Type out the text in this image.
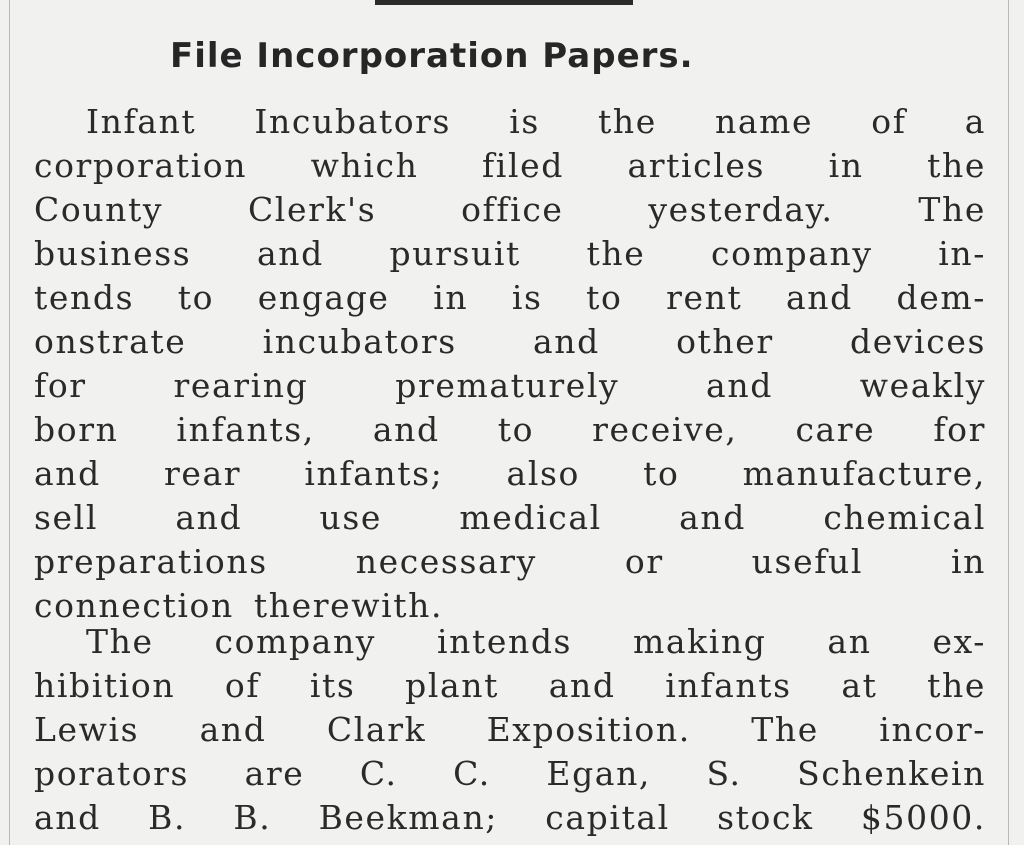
File Incorporation Papers.
Infant Incubators is the name of a
corporation which filed articles in the
County Clerk's office yesterday. The
business and pursuit the company in-
tends to engage in is to rent and dem-
onstrate incubators and other devices
for rearing prematurely and weakly
born infants, and to receive, care for
and rear infants; also to manufacture,
sell and use medical and chemical
preparations necessary or useful in
connection therewith.
The company intends making an ex-
hibition of its plant and infants at the
Lewis and Clark Exposition. The incor-
porators are C. C. Egan, S. Schenkein
and B. B. Beekman; capital stock $5000.
